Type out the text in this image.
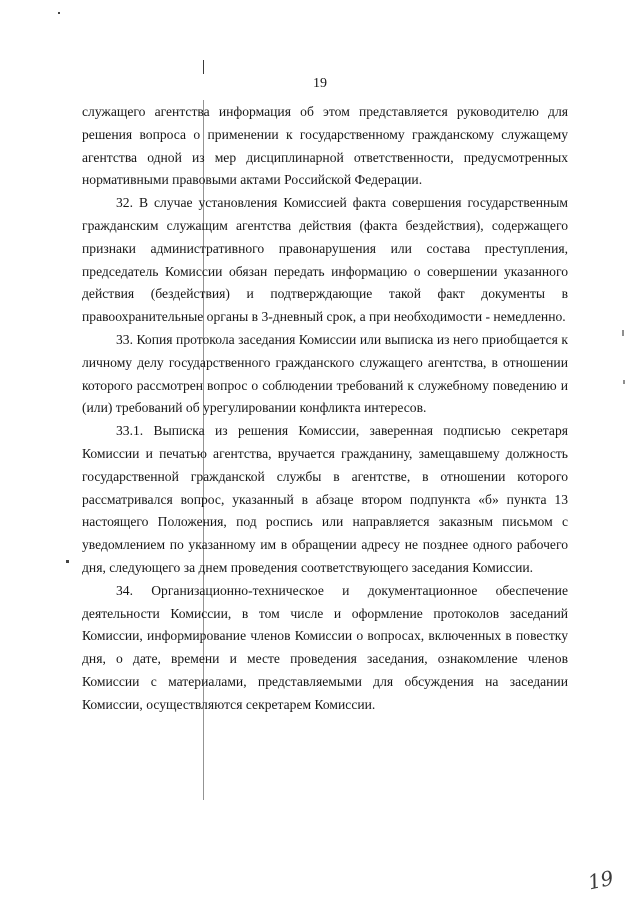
19

служащего агентства информация об этом представляется руководителю для решения вопроса о применении к государственному гражданскому служащему агентства одной из мер дисциплинарной ответственности, предусмотренных нормативными правовыми актами Российской Федерации.

32. В случае установления Комиссией факта совершения государственным гражданским служащим агентства действия (факта бездействия), содержащего признаки административного правонарушения или состава преступления, председатель Комиссии обязан передать информацию о совершении указанного действия (бездействия) и подтверждающие такой факт документы в правоохранительные органы в 3-дневный срок, а при необходимости - немедленно.

33. Копия протокола заседания Комиссии или выписка из него приобщается к личному делу государственного гражданского служащего агентства, в отношении которого рассмотрен вопрос о соблюдении требований к служебному поведению и (или) требований об урегулировании конфликта интересов.

33.1. Выписка из решения Комиссии, заверенная подписью секретаря Комиссии и печатью агентства, вручается гражданину, замещавшему должность государственной гражданской службы в агентстве, в отношении которого рассматривался вопрос, указанный в абзаце втором подпункта «б» пункта 13 настоящего Положения, под роспись или направляется заказным письмом с уведомлением по указанному им в обращении адресу не позднее одного рабочего дня, следующего за днем проведения соответствующего заседания Комиссии.

34. Организационно-техническое и документационное обеспечение деятельности Комиссии, в том числе и оформление протоколов заседаний Комиссии, информирование членов Комиссии о вопросах, включенных в повестку дня, о дате, времени и месте проведения заседания, ознакомление членов Комиссии с материалами, представляемыми для обсуждения на заседании Комиссии, осуществляются секретарем Комиссии.

19
